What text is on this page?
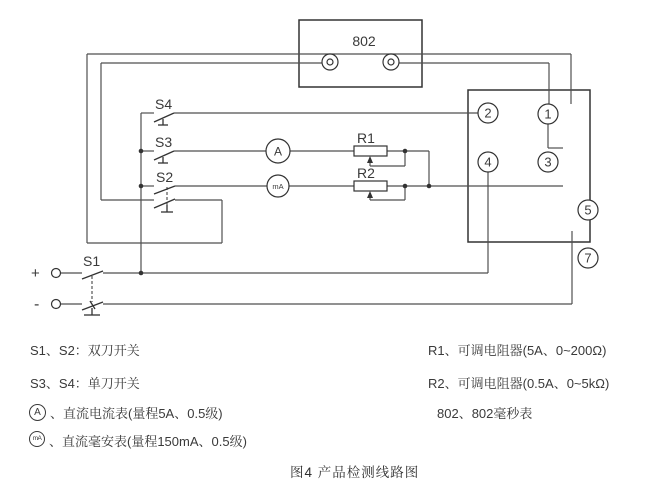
A
mA
2	1
4	3
5
7
802
S4
S3
S2
S1
R1
R2
+
-
S1、S2：双刀开关
S3、S4：单刀开关
A 、直流电流表(量程5A、0.5级)
mA 、直流毫安表(量程150mA、0.5级)
R1、可调电阻器(5A、0~200Ω)
R2、可调电阻器(0.5A、0~5kΩ)
802、802毫秒表
图4 产品检测线路图
